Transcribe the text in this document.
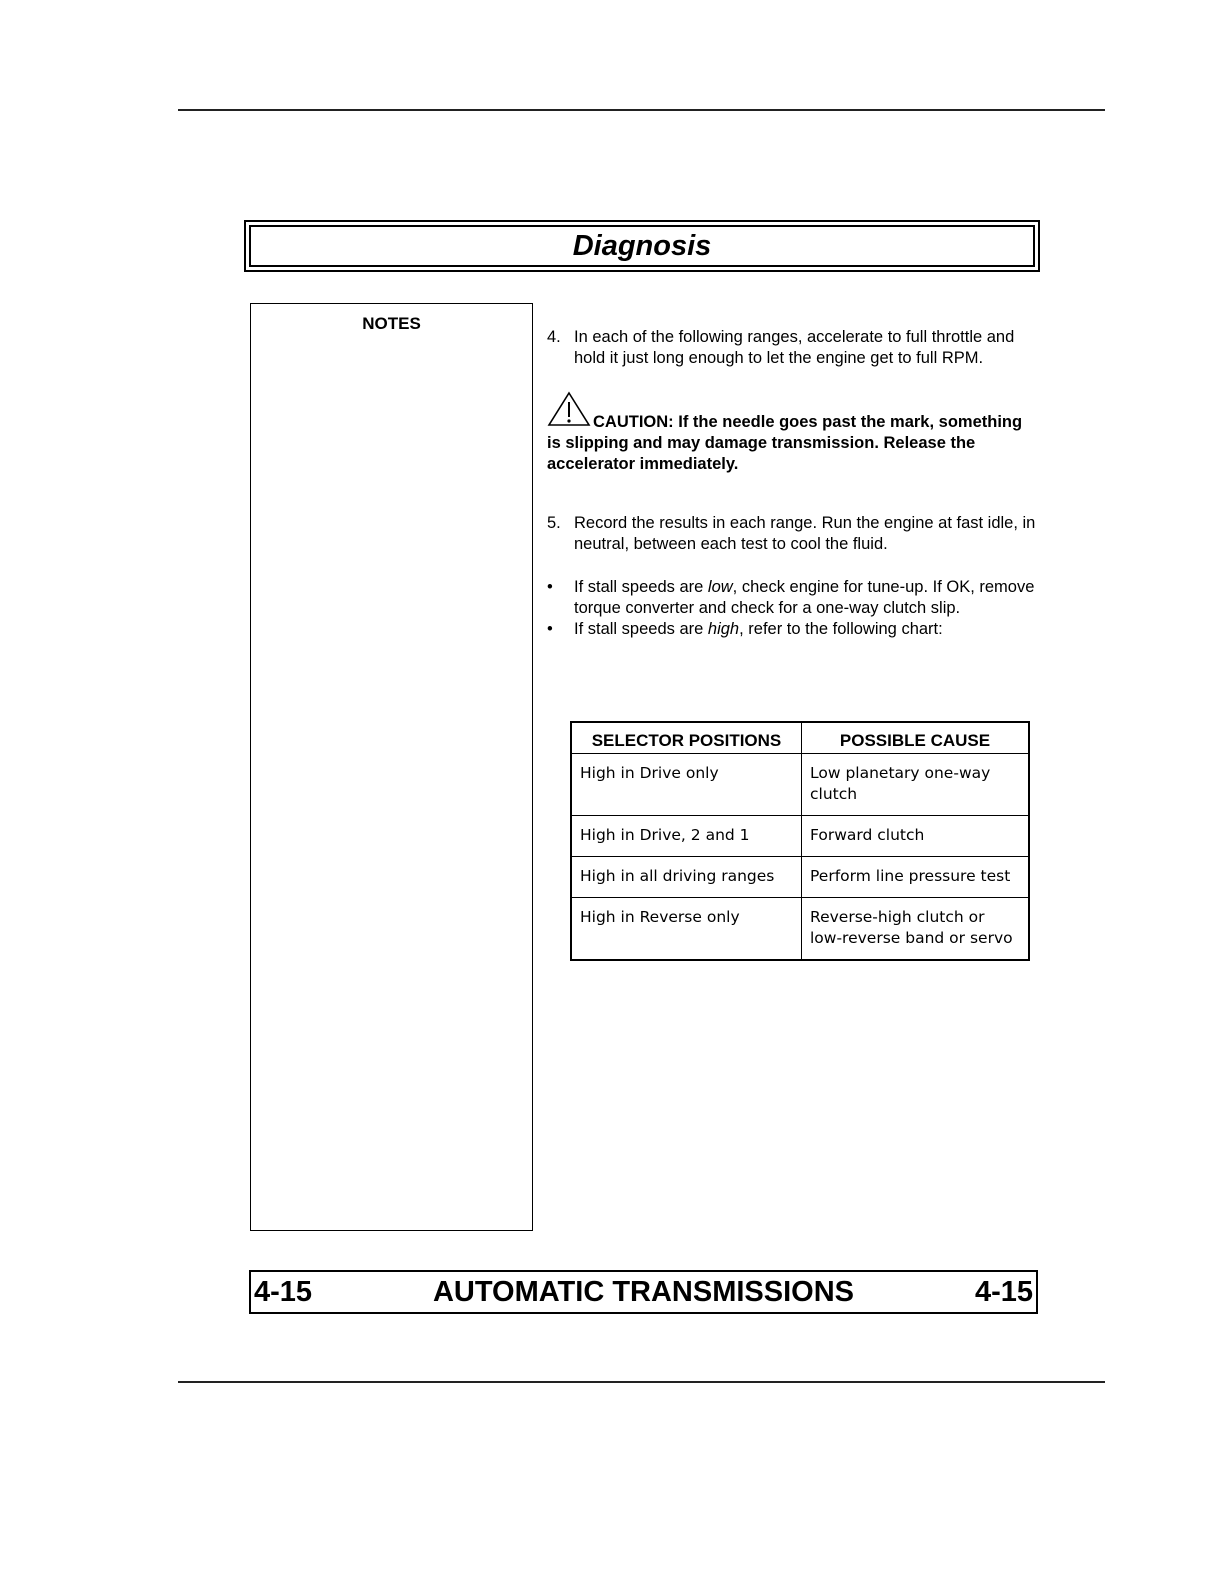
Diagnosis
NOTES
4. In each of the following ranges, accelerate to full throttle and hold it just long enough to let the engine get to full RPM.
CAUTION: If the needle goes past the mark, something is slipping and may damage transmission. Release the accelerator immediately.
5. Record the results in each range. Run the engine at fast idle, in neutral, between each test to cool the fluid.
•	If stall speeds are low, check engine for tune-up. If OK, remove torque converter and check for a one-way clutch slip.
•	If stall speeds are high, refer to the following chart:
SELECTOR POSITIONS	POSSIBLE CAUSE
High in Drive only	Low planetary one-way clutch
High in Drive, 2 and 1	Forward clutch
High in all driving ranges	Perform line pressure test
High in Reverse only	Reverse-high clutch or low-reverse band or servo
4-15	AUTOMATIC TRANSMISSIONS	4-15
